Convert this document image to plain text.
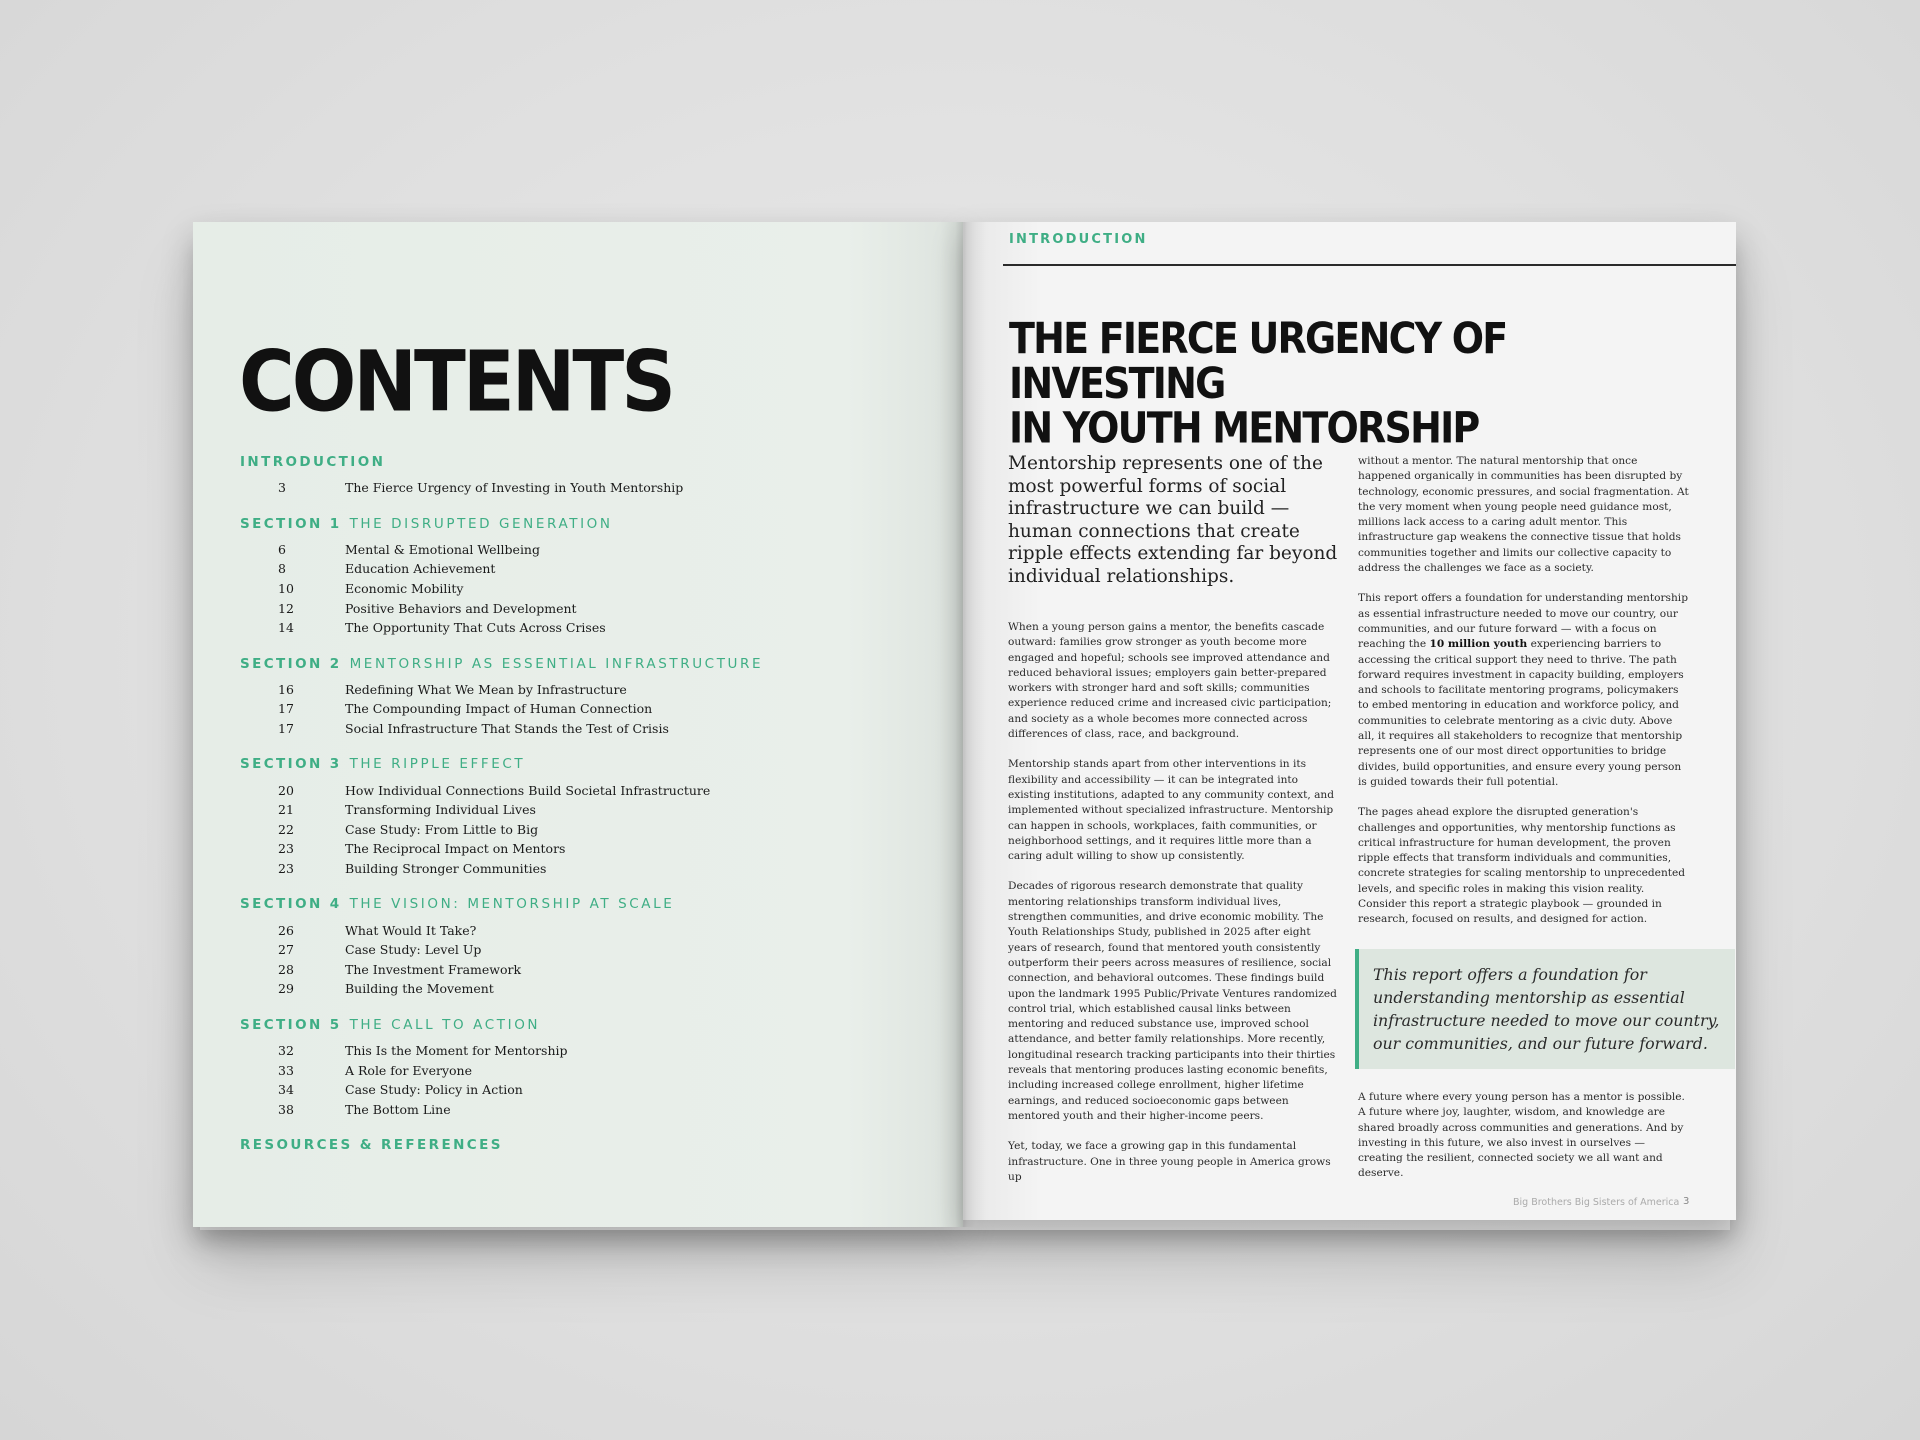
CONTENTS
INTRODUCTION
3	The Fierce Urgency of Investing in Youth Mentorship
SECTION 1 THE DISRUPTED GENERATION
6	Mental & Emotional Wellbeing
8	Education Achievement
10	Economic Mobility
12	Positive Behaviors and Development
14	The Opportunity That Cuts Across Crises
SECTION 2 MENTORSHIP AS ESSENTIAL INFRASTRUCTURE
16	Redefining What We Mean by Infrastructure
17	The Compounding Impact of Human Connection
17	Social Infrastructure That Stands the Test of Crisis
SECTION 3 THE RIPPLE EFFECT
20	How Individual Connections Build Societal Infrastructure
21	Transforming Individual Lives
22	Case Study: From Little to Big
23	The Reciprocal Impact on Mentors
23	Building Stronger Communities
SECTION 4 THE VISION: MENTORSHIP AT SCALE
26	What Would It Take?
27	Case Study: Level Up
28	The Investment Framework
29	Building the Movement
SECTION 5 THE CALL TO ACTION
32	This Is the Moment for Mentorship
33	A Role for Everyone
34	Case Study: Policy in Action
38	The Bottom Line
RESOURCES & REFERENCES
INTRODUCTION
THE FIERCE URGENCY OF INVESTING
IN YOUTH MENTORSHIP
Mentorship represents one of the most powerful forms of social infrastructure we can build — human connections that create ripple effects extending far beyond individual relationships.

When a young person gains a mentor, the benefits cascade outward: families grow stronger as youth become more engaged and hopeful; schools see improved attendance and reduced behavioral issues; employers gain better-prepared workers with stronger hard and soft skills; communities experience reduced crime and increased civic participation; and society as a whole becomes more connected across differences of class, race, and background.

Mentorship stands apart from other interventions in its flexibility and accessibility — it can be integrated into existing institutions, adapted to any community context, and implemented without specialized infrastructure. Mentorship can happen in schools, workplaces, faith communities, or neighborhood settings, and it requires little more than a caring adult willing to show up consistently.

Decades of rigorous research demonstrate that quality mentoring relationships transform individual lives, strengthen communities, and drive economic mobility. The Youth Relationships Study, published in 2025 after eight years of research, found that mentored youth consistently outperform their peers across measures of resilience, social connection, and behavioral outcomes. These findings build upon the landmark 1995 Public/Private Ventures randomized control trial, which established causal links between mentoring and reduced substance use, improved school attendance, and better family relationships. More recently, longitudinal research tracking participants into their thirties reveals that mentoring produces lasting economic benefits, including increased college enrollment, higher lifetime earnings, and reduced socioeconomic gaps between mentored youth and their higher-income peers.

Yet, today, we face a growing gap in this fundamental infrastructure. One in three young people in America grows up

without a mentor. The natural mentorship that once happened organically in communities has been disrupted by technology, economic pressures, and social fragmentation. At the very moment when young people need guidance most, millions lack access to a caring adult mentor. This infrastructure gap weakens the connective tissue that holds communities together and limits our collective capacity to address the challenges we face as a society.

This report offers a foundation for understanding mentorship as essential infrastructure needed to move our country, our communities, and our future forward — with a focus on reaching the 10 million youth experiencing barriers to accessing the critical support they need to thrive. The path forward requires investment in capacity building, employers and schools to facilitate mentoring programs, policymakers to embed mentoring in education and workforce policy, and communities to celebrate mentoring as a civic duty. Above all, it requires all stakeholders to recognize that mentorship represents one of our most direct opportunities to bridge divides, build opportunities, and ensure every young person is guided towards their full potential.

The pages ahead explore the disrupted generation's challenges and opportunities, why mentorship functions as critical infrastructure for human development, the proven ripple effects that transform individuals and communities, concrete strategies for scaling mentorship to unprecedented levels, and specific roles in making this vision reality. Consider this report a strategic playbook — grounded in research, focused on results, and designed for action.

This report offers a foundation for understanding mentorship as essential infrastructure needed to move our country, our communities, and our future forward.

A future where every young person has a mentor is possible. A future where joy, laughter, wisdom, and knowledge are shared broadly across communities and generations. And by investing in this future, we also invest in ourselves — creating the resilient, connected society we all want and deserve.

Big Brothers Big Sisters of America 3
